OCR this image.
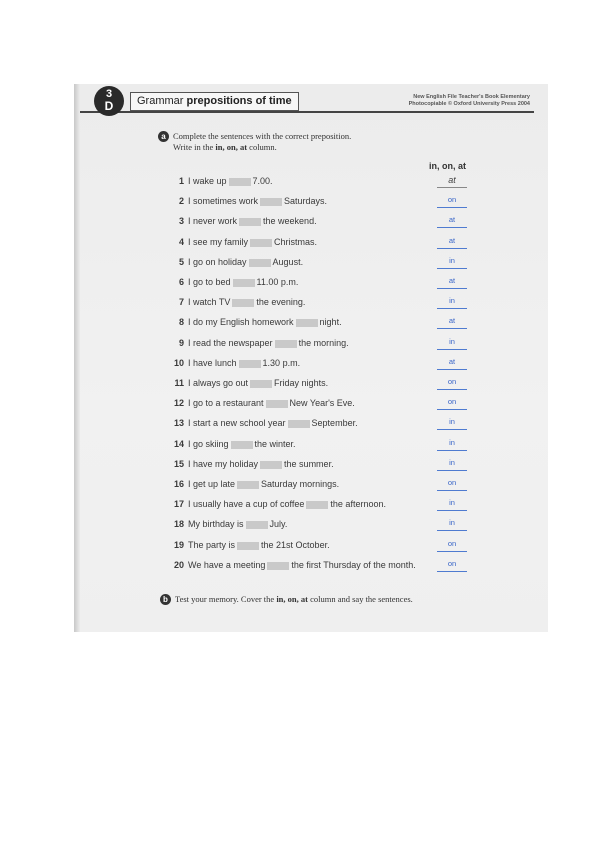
3
D	Grammar prepositions of time	New English File Teacher's Book Elementary
Photocopiable © Oxford University Press 2004
a Complete the sentences with the correct preposition.
Write in the in, on, at column.
in, on, at
1 I wake up	7.00.	at
2 I sometimes work	Saturdays.	on
3 I never work	the weekend.	at
4 I see my family	Christmas.	at
5 I go on holiday	August.	in
6 I go to bed	11.00 p.m.	at
7 I watch TV	the evening.	in
8 I do my English homework	night.	at
9 I read the newspaper	the morning.	in
10 I have lunch	1.30 p.m.	at
11 I always go out	Friday nights.	on
12 I go to a restaurant	New Year's Eve.	on
13 I start a new school year	September.	in
14 I go skiing	the winter.	in
15 I have my holiday	the summer.	in
16 I get up late	Saturday mornings.	on
17 I usually have a cup of coffee	the afternoon.	in
18 My birthday is	July.	in
19 The party is	the 21st October.	on
20 We have a meeting	the first Thursday of the month.	on
b Test your memory. Cover the in, on, at column and say the sentences.
